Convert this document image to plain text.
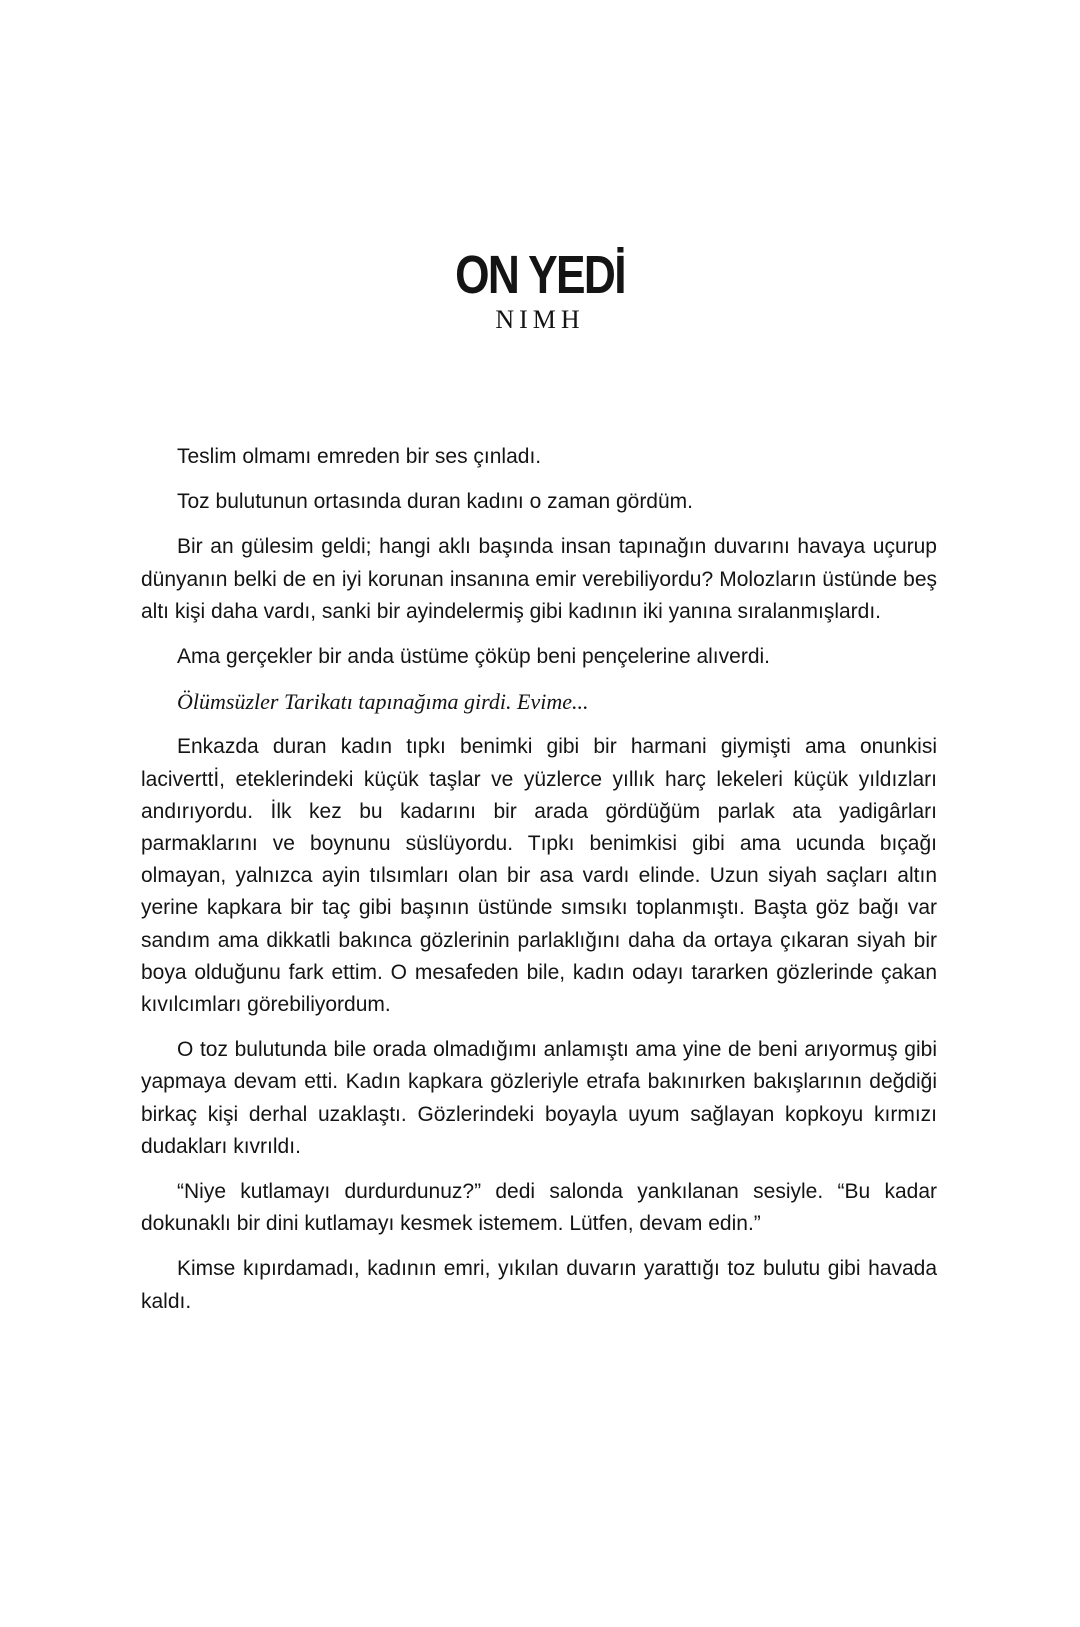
ON YEDİ
NIMH

Teslim olmamı emreden bir ses çınladı.

Toz bulutunun ortasında duran kadını o zaman gördüm.

Bir an gülesim geldi; hangi aklı başında insan tapınağın duvarını havaya uçurup dünyanın belki de en iyi korunan insanına emir verebiliyordu? Molozların üstünde beş altı kişi daha vardı, sanki bir ayindelermiş gibi kadının iki yanına sıralanmışlardı.

Ama gerçekler bir anda üstüme çöküp beni pençelerine alıverdi.

Ölümsüzler Tarikatı tapınağıma girdi. Evime...

Enkazda duran kadın tıpkı benimki gibi bir harmani giymişti ama onunkisi laciverttİ, eteklerindeki küçük taşlar ve yüzlerce yıllık harç lekeleri küçük yıldızları andırıyordu. İlk kez bu kadarını bir arada gördüğüm parlak ata yadigârları parmaklarını ve boynunu süslüyordu. Tıpkı benimkisi gibi ama ucunda bıçağı olmayan, yalnızca ayin tılsımları olan bir asa vardı elinde. Uzun siyah saçları altın yerine kapkara bir taç gibi başının üstünde sımsıkı toplanmıştı. Başta göz bağı var sandım ama dikkatli bakınca gözlerinin parlaklığını daha da ortaya çıkaran siyah bir boya olduğunu fark ettim. O mesafeden bile, kadın odayı tararken gözlerinde çakan kıvılcımları görebiliyordum.

O toz bulutunda bile orada olmadığımı anlamıştı ama yine de beni arıyormuş gibi yapmaya devam etti. Kadın kapkara gözleriyle etrafa bakınırken bakışlarının değdiği birkaç kişi derhal uzaklaştı. Gözlerindeki boyayla uyum sağlayan kopkoyu kırmızı dudakları kıvrıldı.

“Niye kutlamayı durdurdunuz?” dedi salonda yankılanan sesiyle. “Bu kadar dokunaklı bir dini kutlamayı kesmek istemem. Lütfen, devam edin.”

Kimse kıpırdamadı, kadının emri, yıkılan duvarın yarattığı toz bulutu gibi havada kaldı.
